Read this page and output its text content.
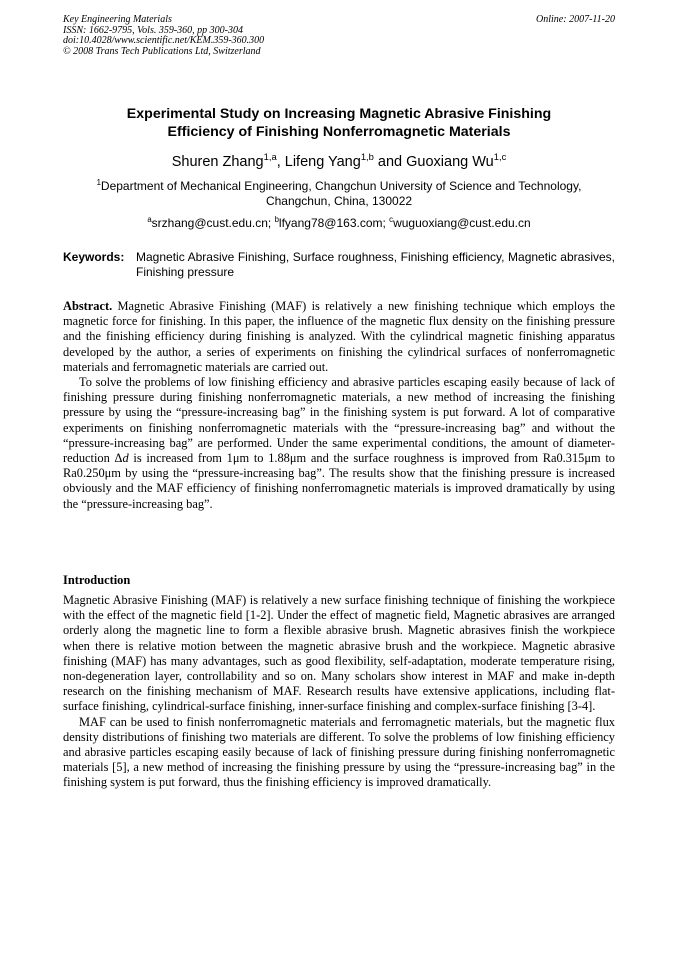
Key Engineering Materials
ISSN: 1662-9795, Vols. 359-360, pp 300-304
doi:10.4028/www.scientific.net/KEM.359-360.300
© 2008 Trans Tech Publications Ltd, Switzerland
Online: 2007-11-20
Experimental Study on Increasing Magnetic Abrasive Finishing
Efficiency of Finishing Nonferromagnetic Materials
Shuren Zhang$^{1,a}$, Lifeng Yang$^{1,b}$ and Guoxiang Wu$^{1,c}$
$^1$Department of Mechanical Engineering, Changchun University of Science and Technology,
Changchun, China, 130022
$^a$srzhang@cust.edu.cn; $^b$lfyang78@163.com; $^c$wuguoxiang@cust.edu.cn
Keywords: Magnetic Abrasive Finishing, Surface roughness, Finishing efficiency, Magnetic abrasives, Finishing pressure

Abstract. Magnetic Abrasive Finishing (MAF) is relatively a new finishing technique which employs the magnetic force for finishing. In this paper, the influence of the magnetic flux density on the finishing pressure and the finishing efficiency during finishing is analyzed. With the cylindrical magnetic finishing apparatus developed by the author, a series of experiments on finishing the cylindrical surfaces of nonferromagnetic materials and ferromagnetic materials are carried out.

To solve the problems of low finishing efficiency and abrasive particles escaping easily because of lack of finishing pressure during finishing nonferromagnetic materials, a new method of increasing the finishing pressure by using the “pressure-increasing bag” in the finishing system is put forward. A lot of comparative experiments on finishing nonferromagnetic materials with the “pressure-increasing bag” and without the “pressure-increasing bag” are performed. Under the same experimental conditions, the amount of diameter-reduction Δd is increased from 1μm to 1.88μm and the surface roughness is improved from Ra0.315μm to Ra0.250μm by using the “pressure-increasing bag”. The results show that the finishing pressure is increased obviously and the MAF efficiency of finishing nonferromagnetic materials is improved dramatically by using the “pressure-increasing bag”.

Introduction

Magnetic Abrasive Finishing (MAF) is relatively a new surface finishing technique of finishing the workpiece with the effect of the magnetic field [1-2]. Under the effect of magnetic field, Magnetic abrasives are arranged orderly along the magnetic line to form a flexible abrasive brush. Magnetic abrasives finish the workpiece when there is relative motion between the magnetic abrasive brush and the workpiece. Magnetic abrasive finishing (MAF) has many advantages, such as good flexibility, self-adaptation, moderate temperature rising, non-degeneration layer, controllability and so on. Many scholars show interest in MAF and make in-depth research on the finishing mechanism of MAF. Research results have extensive applications, including flat-surface finishing, cylindrical-surface finishing, inner-surface finishing and complex-surface finishing [3-4].

MAF can be used to finish nonferromagnetic materials and ferromagnetic materials, but the magnetic flux density distributions of finishing two materials are different. To solve the problems of low finishing efficiency and abrasive particles escaping easily because of lack of finishing pressure during finishing nonferromagnetic materials [5], a new method of increasing the finishing pressure by using the “pressure-increasing bag” in the finishing system is put forward, thus the finishing efficiency is improved dramatically.
